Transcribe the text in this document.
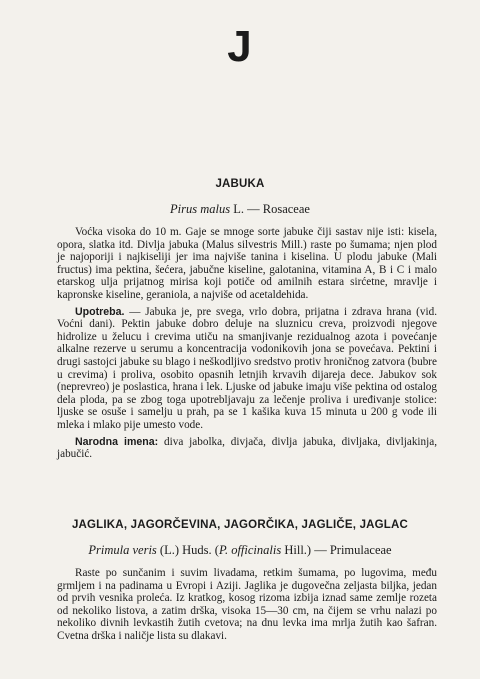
J
JABUKA
Pirus malus L. — Rosaceae

Voćka visoka do 10 m. Gaje se mnoge sorte jabuke čiji sastav nije isti: kisela, opora, slatka itd. Divlja jabuka (Malus silvestris Mill.) raste po šumama; njen plod je najoporiji i najkiseliji jer ima najviše tanina i kiselina. U plodu jabuke (Mali fructus) ima pektina, šećera, jabučne kiseline, galotanina, vitamina A, B i C i malo etarskog ulja prijatnog mirisa koji potiče od amilnih estara sirćetne, mravlje i kapronske kiseline, geraniola, a najviše od acetaldehida.

Upotreba. — Jabuka je, pre svega, vrlo dobra, prijatna i zdrava hrana (vid. Voćni dani). Pektin jabuke dobro deluje na sluznicu creva, proizvodi njegove hidrolize u želucu i crevima utiču na smanjivanje rezidualnog azota i povećanje alkalne rezerve u serumu a koncentracija vodonikovih jona se povećava. Pektini i drugi sastojci jabuke su blago i neškodljivo sredstvo protiv hroničnog zatvora (bubre u crevima) i proliva, osobito opasnih letnjih krvavih dijareja dece. Jabukov sok (neprevreo) je poslastica, hrana i lek. Ljuske od jabuke imaju više pektina od ostalog dela ploda, pa se zbog toga upotrebljavaju za lečenje proliva i uređivanje stolice: ljuske se osuše i samelju u prah, pa se 1 kašika kuva 15 minuta u 200 g vode ili mleka i mlako pije umesto vode.

Narodna imena: diva jabolka, divjača, divlja jabuka, divljaka, divljakinja, jabučić.

JAGLIKA, JAGORČEVINA, JAGORČIKA, JAGLIČE, JAGLAC
Primula veris (L.) Huds. (P. officinalis Hill.) — Primulaceae

Raste po sunčanim i suvim livadama, retkim šumama, po lugovima, među grmljem i na padinama u Evropi i Aziji. Jaglika je dugovečna zeljasta biljka, jedan od prvih vesnika proleća. Iz kratkog, kosog rizoma izbija iznad same zemlje rozeta od nekoliko listova, a zatim drška, visoka 15—30 cm, na čijem se vrhu nalazi po nekoliko divnih levkastih žutih cvetova; na dnu levka ima mrlja žutih kao šafran. Cvetna drška i naličje lista su dlakavi.
